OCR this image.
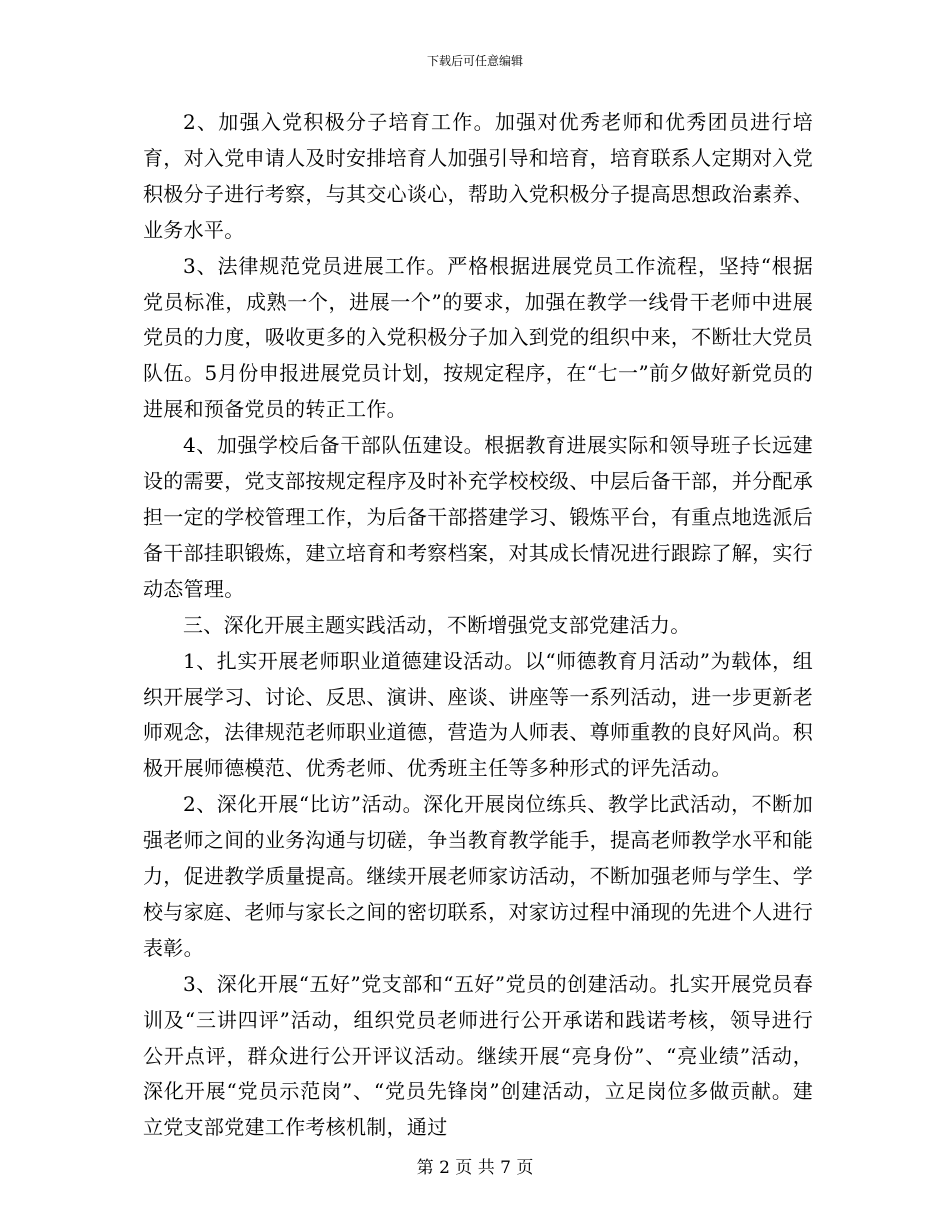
下载后可任意编辑

2、加强入党积极分子培育工作。加强对优秀老师和优秀团员进行培育，对入党申请人及时安排培育人加强引导和培育，培育联系人定期对入党积极分子进行考察，与其交心谈心，帮助入党积极分子提高思想政治素养、业务水平。

3、法律规范党员进展工作。严格根据进展党员工作流程，坚持“根据党员标准，成熟一个，进展一个”的要求，加强在教学一线骨干老师中进展党员的力度，吸收更多的入党积极分子加入到党的组织中来，不断壮大党员队伍。5月份申报进展党员计划，按规定程序，在“七一”前夕做好新党员的进展和预备党员的转正工作。

4、加强学校后备干部队伍建设。根据教育进展实际和领导班子长远建设的需要，党支部按规定程序及时补充学校校级、中层后备干部，并分配承担一定的学校管理工作，为后备干部搭建学习、锻炼平台，有重点地选派后备干部挂职锻炼，建立培育和考察档案，对其成长情况进行跟踪了解，实行动态管理。

三、深化开展主题实践活动，不断增强党支部党建活力。

1、扎实开展老师职业道德建设活动。以“师德教育月活动”为载体，组织开展学习、讨论、反思、演讲、座谈、讲座等一系列活动，进一步更新老师观念，法律规范老师职业道德，营造为人师表、尊师重教的良好风尚。积极开展师德模范、优秀老师、优秀班主任等多种形式的评先活动。

2、深化开展“比访”活动。深化开展岗位练兵、教学比武活动，不断加强老师之间的业务沟通与切磋，争当教育教学能手，提高老师教学水平和能力，促进教学质量提高。继续开展老师家访活动，不断加强老师与学生、学校与家庭、老师与家长之间的密切联系，对家访过程中涌现的先进个人进行表彰。

3、深化开展“五好”党支部和“五好”党员的创建活动。扎实开展党员春训及“三讲四评”活动，组织党员老师进行公开承诺和践诺考核，领导进行公开点评，群众进行公开评议活动。继续开展“亮身份”、“亮业绩”活动，深化开展“党员示范岗”、“党员先锋岗”创建活动，立足岗位多做贡献。建立党支部党建工作考核机制，通过

第 2 页 共 7 页
